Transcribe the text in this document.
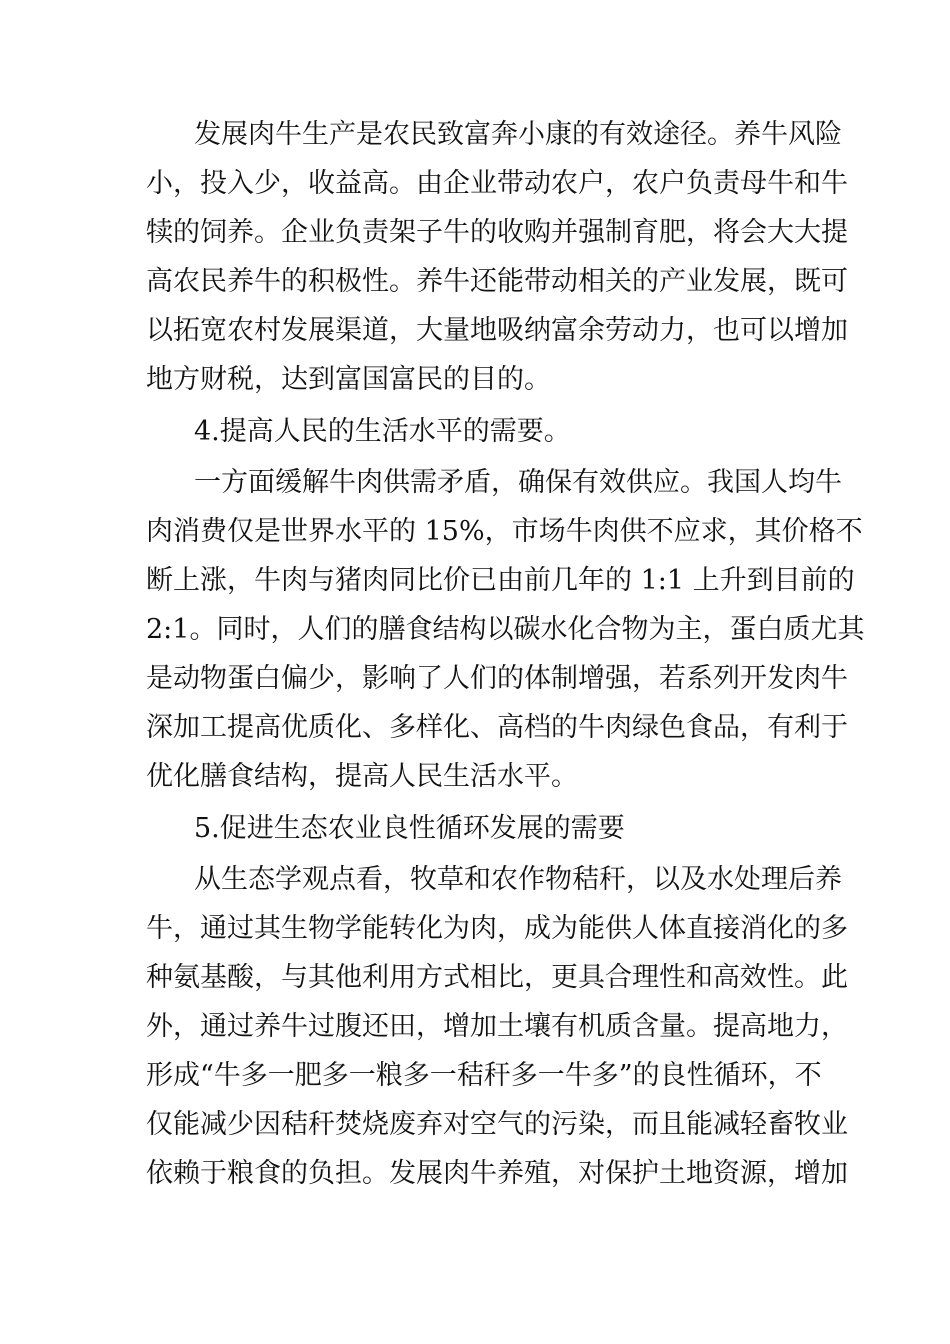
发展肉牛生产是农民致富奔小康的有效途径。养牛风险
小，投入少，收益高。由企业带动农户，农户负责母牛和牛
犊的饲养。企业负责架子牛的收购并强制育肥，将会大大提
高农民养牛的积极性。养牛还能带动相关的产业发展，既可
以拓宽农村发展渠道，大量地吸纳富余劳动力，也可以增加
地方财税，达到富国富民的目的。
4.提高人民的生活水平的需要。
一方面缓解牛肉供需矛盾，确保有效供应。我国人均牛
肉消费仅是世界水平的 15%，市场牛肉供不应求，其价格不
断上涨，牛肉与猪肉同比价已由前几年的 1:1 上升到目前的
2:1。同时，人们的膳食结构以碳水化合物为主，蛋白质尤其
是动物蛋白偏少，影响了人们的体制增强，若系列开发肉牛
深加工提高优质化、多样化、高档的牛肉绿色食品，有利于
优化膳食结构，提高人民生活水平。
5.促进生态农业良性循环发展的需要
从生态学观点看，牧草和农作物秸秆，以及水处理后养
牛，通过其生物学能转化为肉，成为能供人体直接消化的多
种氨基酸，与其他利用方式相比，更具合理性和高效性。此
外，通过养牛过腹还田，增加土壤有机质含量。提高地力，
形成“牛多一肥多一粮多一秸秆多一牛多”的良性循环，不
仅能减少因秸秆焚烧废弃对空气的污染，而且能减轻畜牧业
依赖于粮食的负担。发展肉牛养殖，对保护土地资源，增加
